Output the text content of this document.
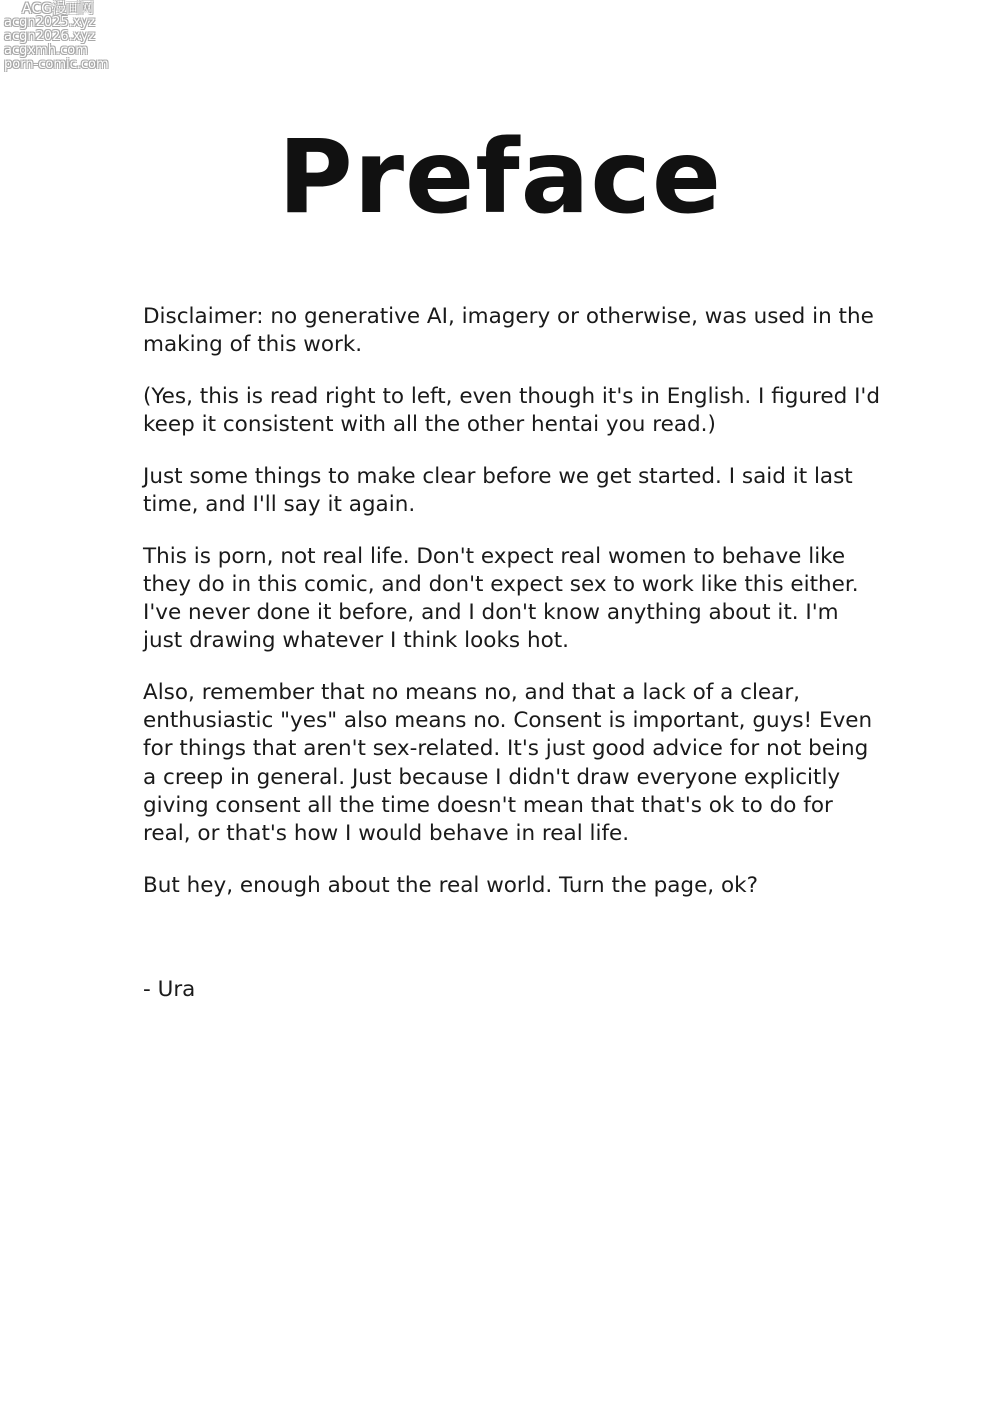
ACG漫画网
acgn2025.xyz
acgn2026.xyz
acgxmh.com
porn-comic.com
Preface

Disclaimer: no generative AI, imagery or otherwise, was used in the making of this work.

(Yes, this is read right to left, even though it's in English. I figured I'd keep it consistent with all the other hentai you read.)

Just some things to make clear before we get started. I said it last time, and I'll say it again.

This is porn, not real life. Don't expect real women to behave like they do in this comic, and don't expect sex to work like this either. I've never done it before, and I don't know anything about it. I'm just drawing whatever I think looks hot.

Also, remember that no means no, and that a lack of a clear, enthusiastic "yes" also means no. Consent is important, guys! Even for things that aren't sex-related. It's just good advice for not being a creep in general. Just because I didn't draw everyone explicitly giving consent all the time doesn't mean that that's ok to do for real, or that's how I would behave in real life.

But hey, enough about the real world. Turn the page, ok?

- Ura
